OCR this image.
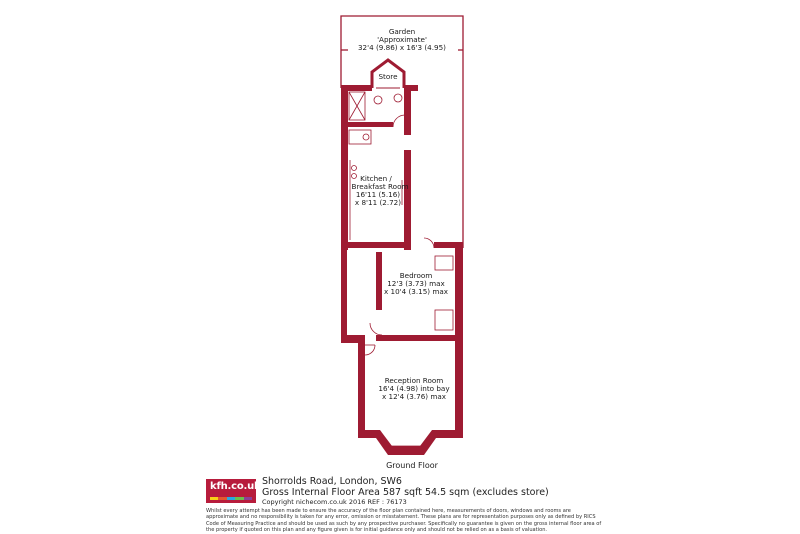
Garden
'Approximate'
32'4 (9.86) x 16'3 (4.95)
Store
Kitchen /
Breakfast Room
16'11 (5.16)
x 8'11 (2.72)
Bedroom
12'3 (3.73) max
x 10'4 (3.15) max
Reception Room
16'4 (4.98) into bay
x 12'4 (3.76) max
Ground Floor
kfh.co.uk Shorrolds Road, London, SW6
Gross Internal Floor Area 587 sqft 54.5 sqm (excludes store)
Copyright nichecom.co.uk 2016 REF : 76173
Whilst every attempt has been made to ensure the accuracy of the floor plan contained here, measurements of doors, windows and rooms are approximate and no responsibility is taken for any error, omission or misstatement. These plans are for representation purposes only as defined by RICS Code of Measuring Practice and should be used as such by any prospective purchaser. Specifically no guarantee is given on the gross internal floor area of the property if quoted on this plan and any figure given is for initial guidance only and should not be relied on as a basis of valuation.
